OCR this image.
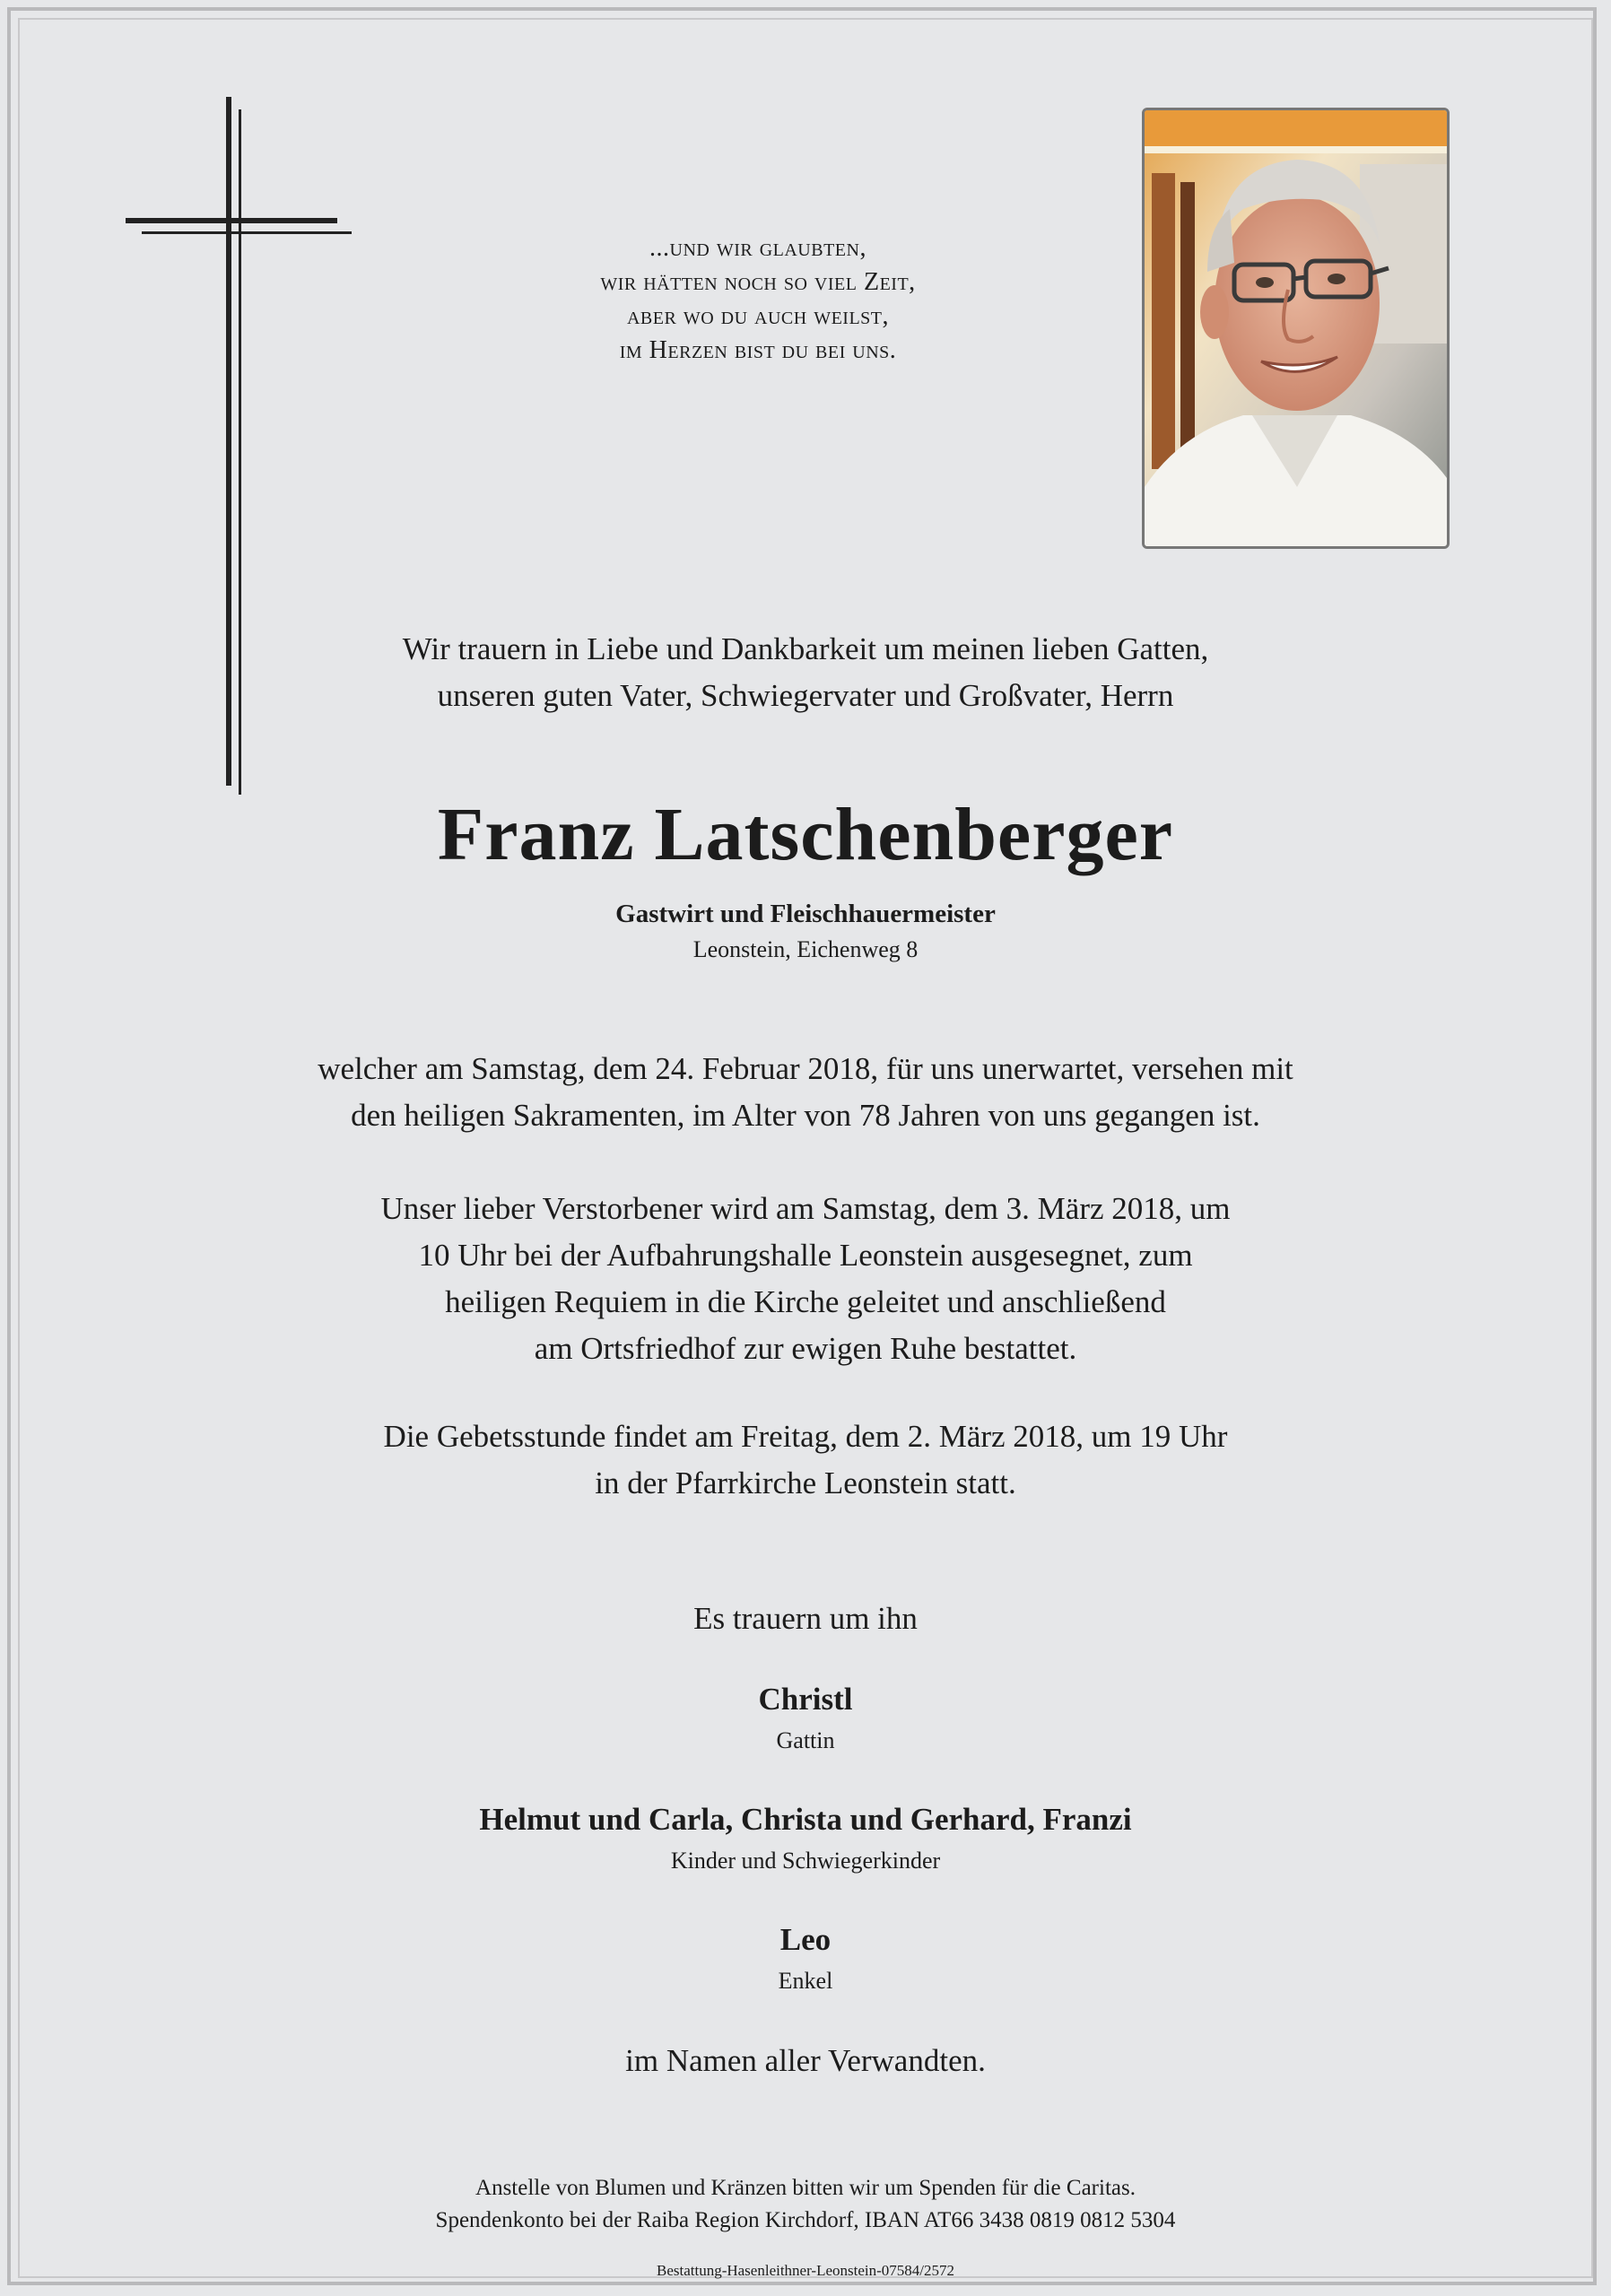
...und wir glaubten,
wir hätten noch so viel Zeit,
aber wo du auch weilst,
im Herzen bist du bei uns.
Wir trauern in Liebe und Dankbarkeit um meinen lieben Gatten,
unseren guten Vater, Schwiegervater und Großvater, Herrn
Franz Latschenberger
Gastwirt und Fleischhauermeister
Leonstein, Eichenweg 8
welcher am Samstag, dem 24. Februar 2018, für uns unerwartet, versehen mit
den heiligen Sakramenten, im Alter von 78 Jahren von uns gegangen ist.
Unser lieber Verstorbener wird am Samstag, dem 3. März 2018, um
10 Uhr bei der Aufbahrungshalle Leonstein ausgesegnet, zum
heiligen Requiem in die Kirche geleitet und anschließend
am Ortsfriedhof zur ewigen Ruhe bestattet.
Die Gebetsstunde findet am Freitag, dem 2. März 2018, um 19 Uhr
in der Pfarrkirche Leonstein statt.
Es trauern um ihn
Christl
Gattin
Helmut und Carla, Christa und Gerhard, Franzi
Kinder und Schwiegerkinder
Leo
Enkel
im Namen aller Verwandten.
Anstelle von Blumen und Kränzen bitten wir um Spenden für die Caritas.
Spendenkonto bei der Raiba Region Kirchdorf, IBAN AT66 3438 0819 0812 5304
Bestattung-Hasenleithner-Leonstein-07584/2572
